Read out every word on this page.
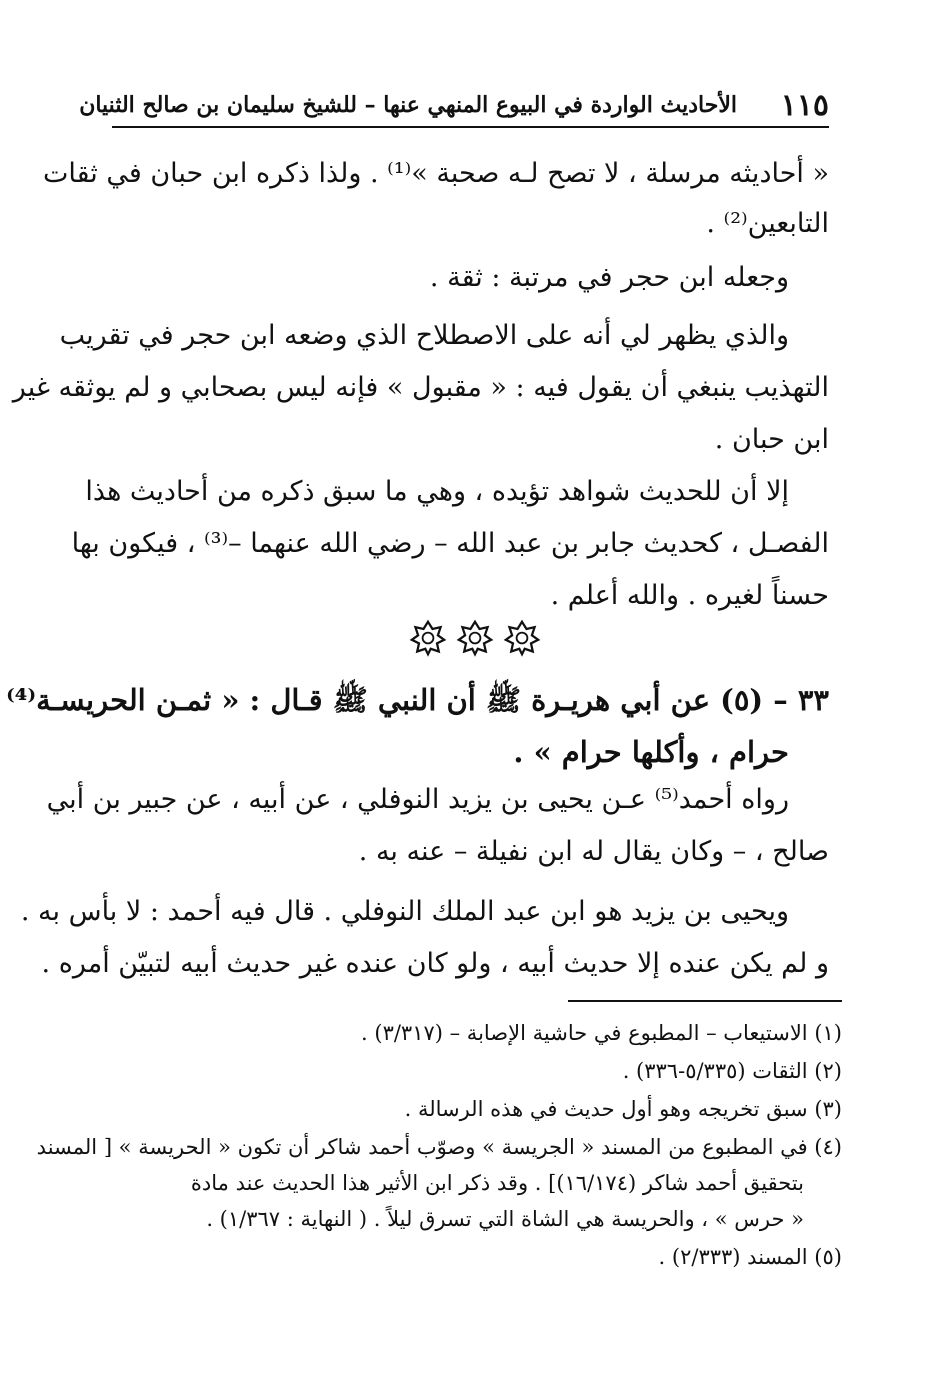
١١٥
الأحاديث الواردة في البيوع المنهي عنها – للشيخ سليمان بن صالح الثنيان
« أحاديثه مرسلة ، لا تصح لـه صحبة »⁽¹⁾ . ولذا ذكره ابن حبان في ثقات
التابعين⁽²⁾ .
وجعله ابن حجر في مرتبة : ثقة .
والذي يظهر لي أنه على الاصطلاح الذي وضعه ابن حجر في تقريب
التهذيب ينبغي أن يقول فيه : « مقبول » فإنه ليس بصحابي و لم يوثقه غير
ابن حبان .
إلا أن للحديث شواهد تؤيده ، وهي ما سبق ذكره من أحاديث هذا
الفصـل ، كحديث جابر بن عبد الله – رضي الله عنهما –⁽³⁾ ، فيكون بها
حسناً لغيره . والله أعلم .
٣٣ – (٥) عن أبي هريـرة ﷺ أن النبي ﷺ قـال : « ثمـن الحريسـة⁽⁴⁾
حرام ، وأكلها حرام » .
رواه أحمد⁽⁵⁾ عـن يحيى بن يزيد النوفلي ، عن أبيه ، عن جبير بن أبي
صالح ، – وكان يقال له ابن نفيلة – عنه به .
ويحيى بن يزيد هو ابن عبد الملك النوفلي . قال فيه أحمد : لا بأس به .
و لم يكن عنده إلا حديث أبيه ، ولو كان عنده غير حديث أبيه لتبيّن أمره .
(١) الاستيعاب – المطبوع في حاشية الإصابة – (٣/٣١٧) .
(٢) الثقات (٥/٣٣٥-٣٣٦) .
(٣) سبق تخريجه وهو أول حديث في هذه الرسالة .
(٤) في المطبوع من المسند « الجريسة » وصوّب أحمد شاكر أن تكون « الحريسة » [ المسند
بتحقيق أحمد شاكر (١٦/١٧٤)] . وقد ذكر ابن الأثير هذا الحديث عند مادة
« حرس » ، والحريسة هي الشاة التي تسرق ليلاً . ( النهاية : ١/٣٦٧) .
(٥) المسند (٢/٣٣٣) .
